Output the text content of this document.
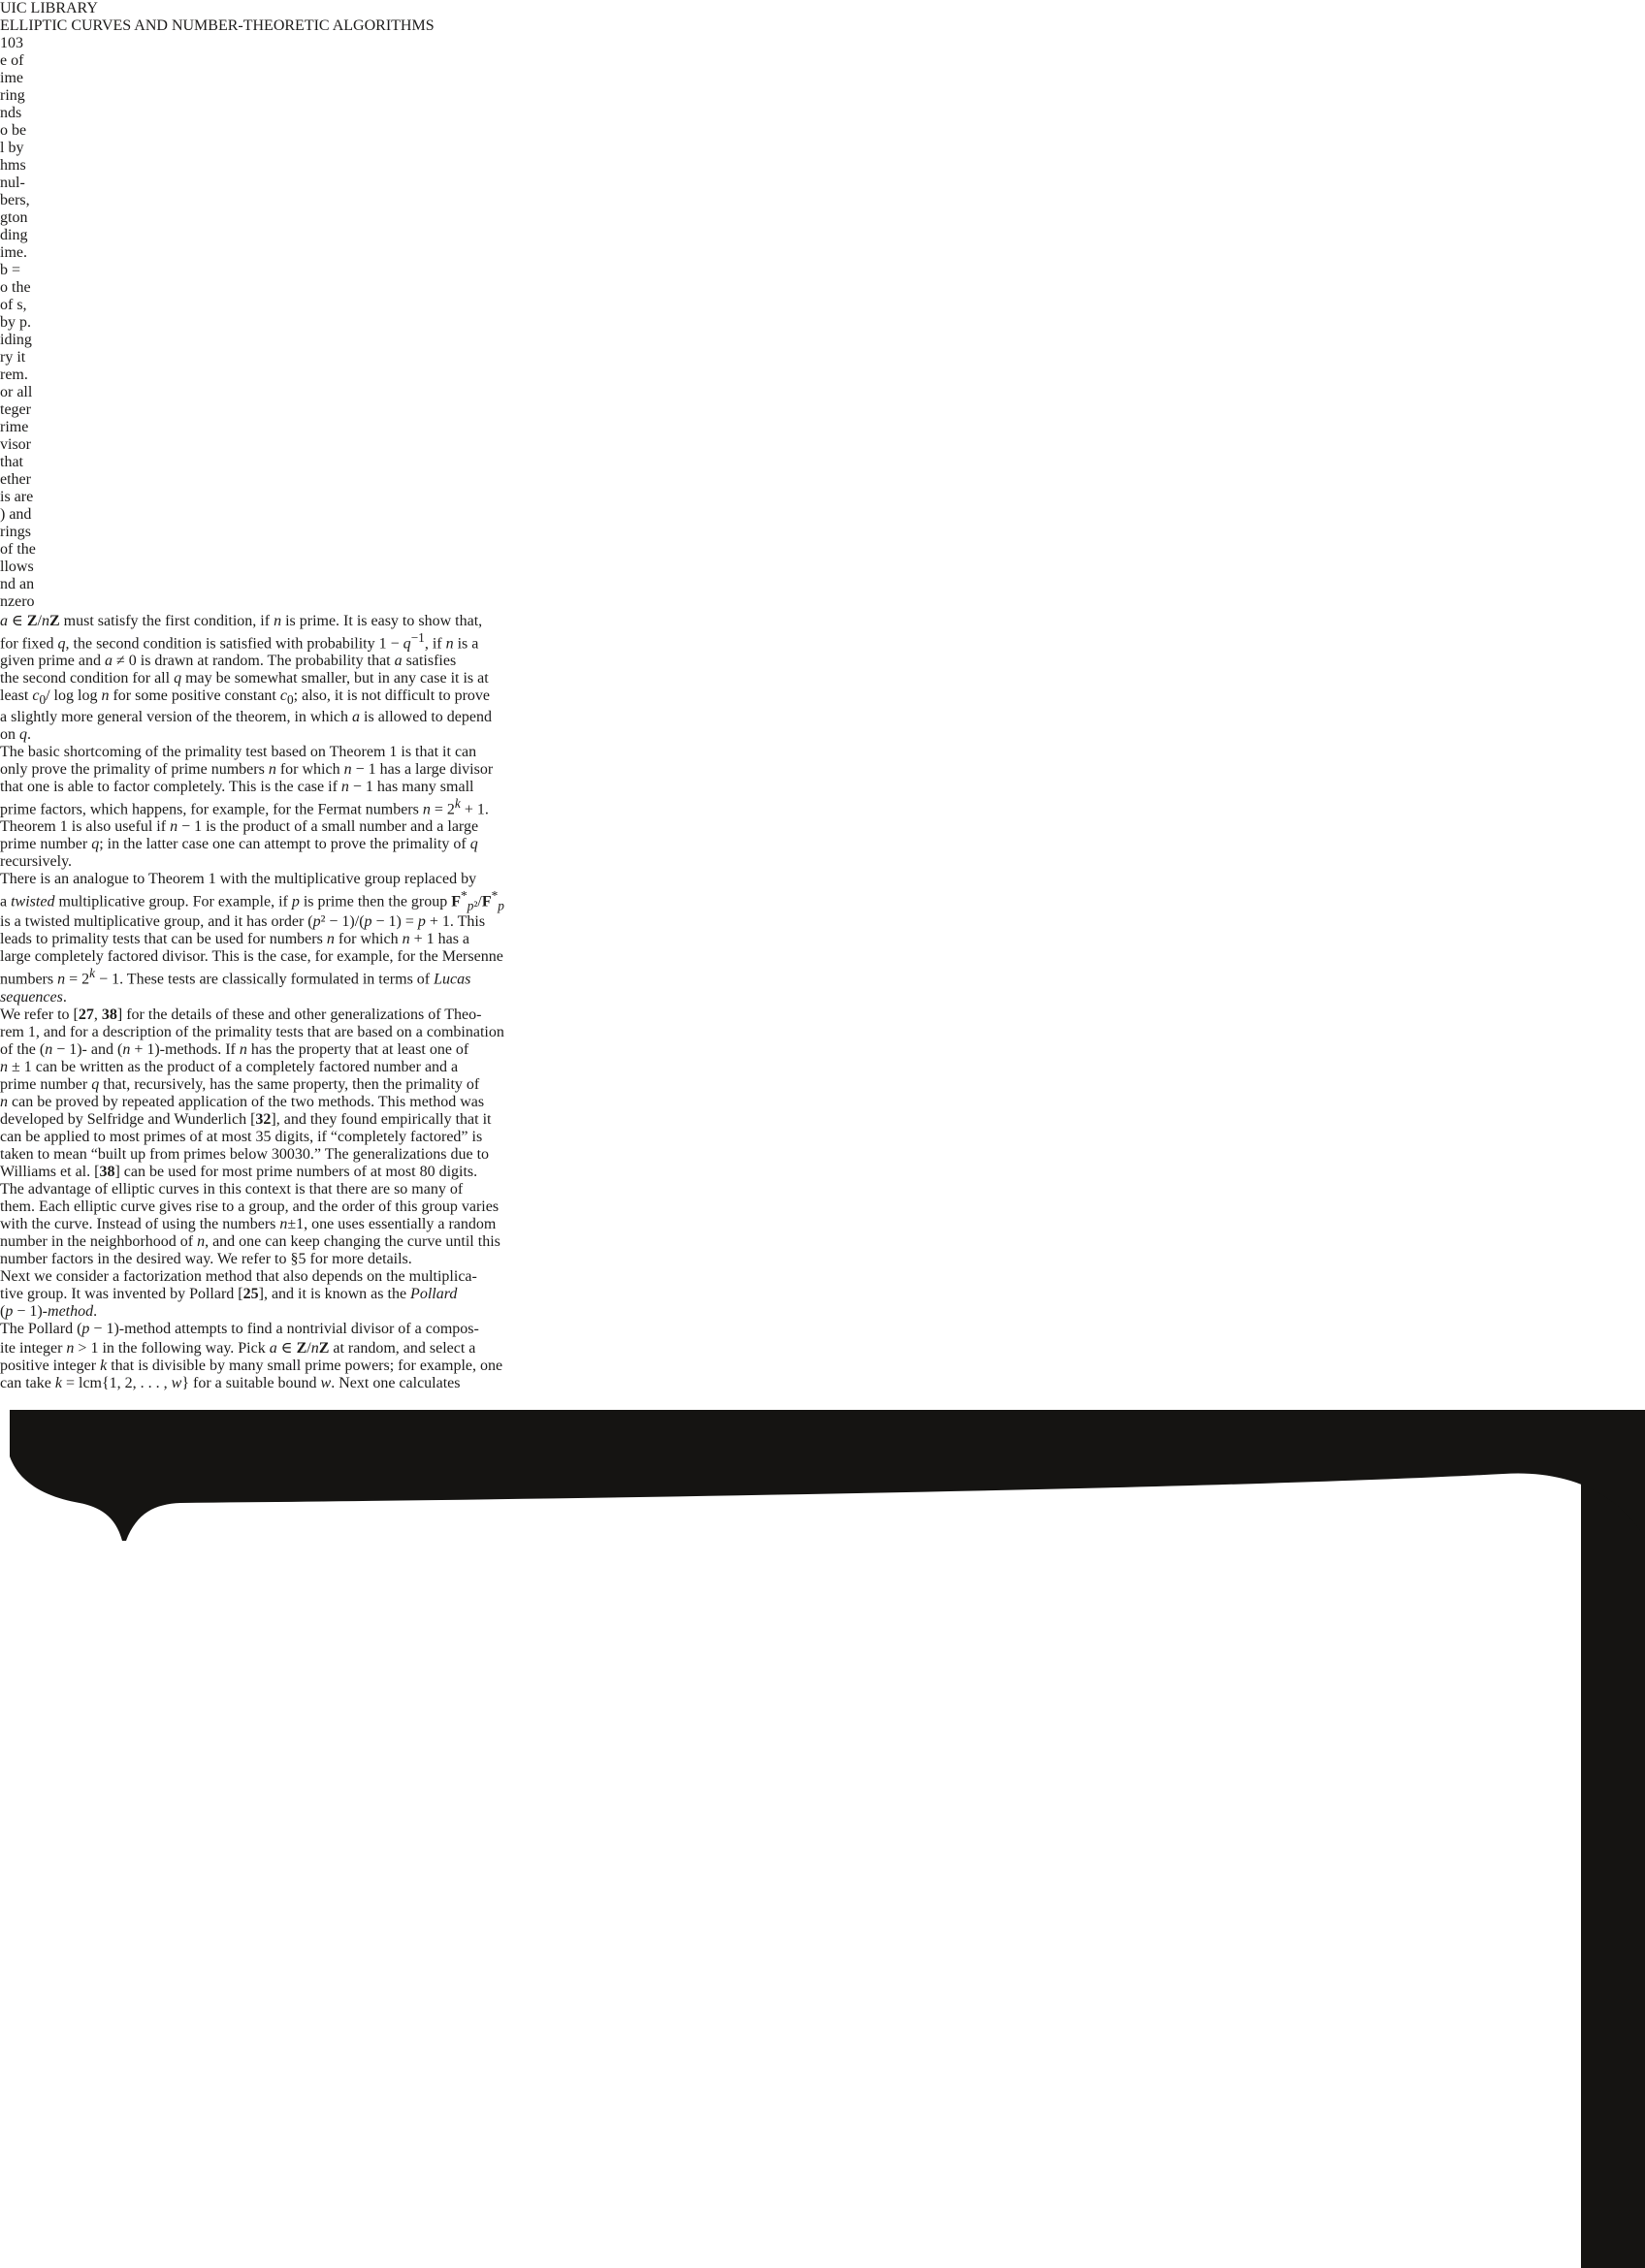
UIC LIBRARY
ELLIPTIC CURVES AND NUMBER-THEORETIC ALGORITHMS
103
e of
ime
ring
nds
o be
l by
hms
nul-
bers,
gton
ding
ime.
b =
o the
of s,
by p.
iding
ry it
rem.
or all
teger
rime
visor
that
ether
is are
) and
rings
of the
llows
nd an
nzero
a ∈ Z/nZ must satisfy the first condition, if n is prime. It is easy to show that,
for fixed q, the second condition is satisfied with probability $1 - q^{-1}$, if n is a
given prime and a ≠ 0 is drawn at random. The probability that a satisfies
the second condition for all q may be somewhat smaller, but in any case it is at
least $c_0/$ log log n for some positive constant $c_0$; also, it is not difficult to prove
a slightly more general version of the theorem, in which a is allowed to depend
on q.
The basic shortcoming of the primality test based on Theorem 1 is that it can
only prove the primality of prime numbers n for which n − 1 has a large divisor
that one is able to factor completely. This is the case if n − 1 has many small
prime factors, which happens, for example, for the Fermat numbers $n = 2^k + 1$.
Theorem 1 is also useful if n − 1 is the product of a small number and a large
prime number q; in the latter case one can attempt to prove the primality of q
recursively.
There is an analogue to Theorem 1 with the multiplicative group replaced by
a twisted multiplicative group. For example, if p is prime then the group $F^*_{p^2}/F^*_p$
is a twisted multiplicative group, and it has order (p² − 1)/(p − 1) = p + 1. This
leads to primality tests that can be used for numbers n for which n + 1 has a
large completely factored divisor. This is the case, for example, for the Mersenne
numbers $n = 2^k - 1$. These tests are classically formulated in terms of Lucas
sequences.
We refer to [27, 38] for the details of these and other generalizations of Theo-
rem 1, and for a description of the primality tests that are based on a combination
of the (n − 1)- and (n + 1)-methods. If n has the property that at least one of
n ± 1 can be written as the product of a completely factored number and a
prime number q that, recursively, has the same property, then the primality of
n can be proved by repeated application of the two methods. This method was
developed by Selfridge and Wunderlich [32], and they found empirically that it
can be applied to most primes of at most 35 digits, if “completely factored” is
taken to mean “built up from primes below 30030.” The generalizations due to
Williams et al. [38] can be used for most prime numbers of at most 80 digits.
The advantage of elliptic curves in this context is that there are so many of
them. Each elliptic curve gives rise to a group, and the order of this group varies
with the curve. Instead of using the numbers n±1, one uses essentially a random
number in the neighborhood of n, and one can keep changing the curve until this
number factors in the desired way. We refer to §5 for more details.
Next we consider a factorization method that also depends on the multiplica-
tive group. It was invented by Pollard [25], and it is known as the Pollard
(p − 1)-method.
The Pollard (p − 1)-method attempts to find a nontrivial divisor of a compos-
ite integer n > 1 in the following way. Pick a ∈ Z/nZ at random, and select a
positive integer k that is divisible by many small prime powers; for example, one
can take k = lcm{1, 2, . . . , w} for a suitable bound w. Next one calculates
